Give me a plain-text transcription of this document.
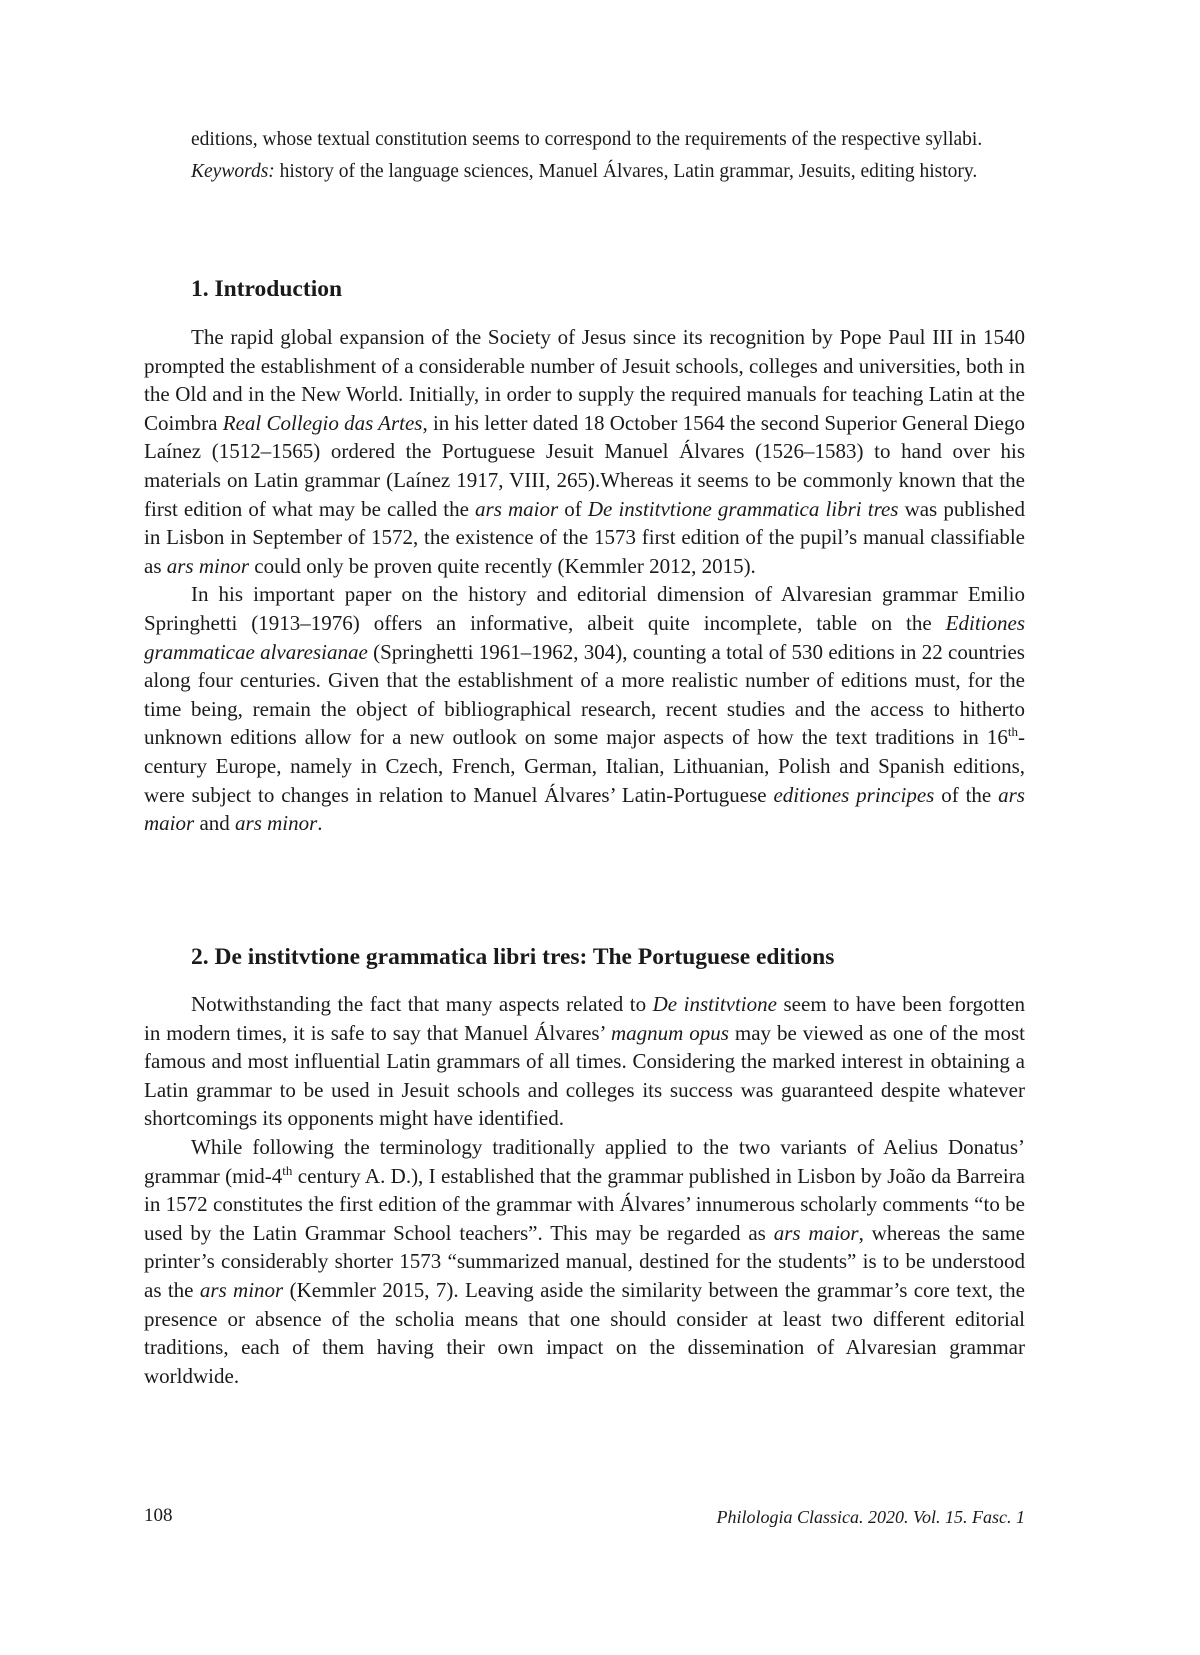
editions, whose textual constitution seems to correspond to the requirements of the respective syllabi.

Keywords: history of the language sciences, Manuel Álvares, Latin grammar, Jesuits, editing history.

1. Introduction

The rapid global expansion of the Society of Jesus since its recognition by Pope Paul III in 1540 prompted the establishment of a considerable number of Jesuit schools, colleges and universities, both in the Old and in the New World. Initially, in order to supply the required manuals for teaching Latin at the Coimbra Real Collegio das Artes, in his letter dated 18 October 1564 the second Superior General Diego Laínez (1512–1565) ordered the Portuguese Jesuit Manuel Álvares (1526–1583) to hand over his materials on Latin grammar (Laínez 1917, VIII, 265).Whereas it seems to be commonly known that the first edition of what may be called the ars maior of De institvtione grammatica libri tres was published in Lisbon in September of 1572, the existence of the 1573 first edition of the pupil’s manual classifiable as ars minor could only be proven quite recently (Kemmler 2012, 2015).

In his important paper on the history and editorial dimension of Alvaresian grammar Emilio Springhetti (1913–1976) offers an informative, albeit quite incomplete, table on the Editiones grammaticae alvaresianae (Springhetti 1961–1962, 304), counting a total of 530 editions in 22 countries along four centuries. Given that the establishment of a more realistic number of editions must, for the time being, remain the object of bibliographical research, recent studies and the access to hitherto unknown editions allow for a new outlook on some major aspects of how the text traditions in 16th-century Europe, namely in Czech, French, German, Italian, Lithuanian, Polish and Spanish editions, were subject to changes in relation to Manuel Álvares’ Latin-Portuguese editiones principes of the ars maior and ars minor.

2. De institvtione grammatica libri tres: The Portuguese editions

Notwithstanding the fact that many aspects related to De institvtione seem to have been forgotten in modern times, it is safe to say that Manuel Álvares’ magnum opus may be viewed as one of the most famous and most influential Latin grammars of all times. Considering the marked interest in obtaining a Latin grammar to be used in Jesuit schools and colleges its success was guaranteed despite whatever shortcomings its opponents might have identified.

While following the terminology traditionally applied to the two variants of Aelius Donatus’ grammar (mid-4th century A. D.), I established that the grammar published in Lisbon by João da Barreira in 1572 constitutes the first edition of the grammar with Álvares’ innumerous scholarly comments “to be used by the Latin Grammar School teachers”. This may be regarded as ars maior, whereas the same printer’s considerably shorter 1573 “summarized manual, destined for the students” is to be understood as the ars minor (Kemmler 2015, 7). Leaving aside the similarity between the grammar’s core text, the presence or absence of the scholia means that one should consider at least two different editorial traditions, each of them having their own impact on the dissemination of Alvaresian grammar worldwide.

108	Philologia Classica. 2020. Vol. 15. Fasc. 1
